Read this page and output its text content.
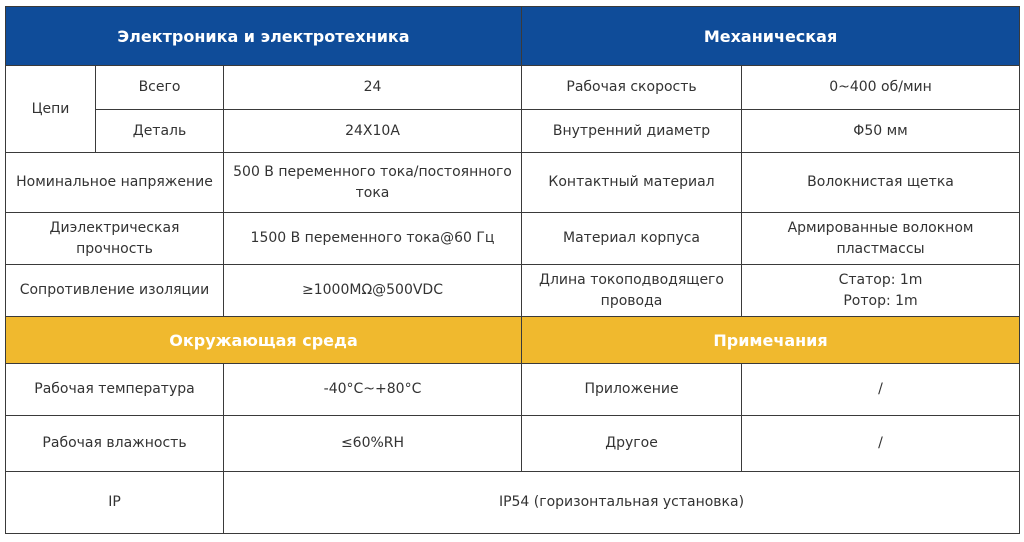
Электроника и электротехника			Механическая	
Цепи	Всего	24	Рабочая скорость	0~400 об/мин
	Деталь	24X10A	Внутренний диаметр	Φ50 мм
Номинальное напряжение		500 В переменного тока/постоянного тока	Контактный материал	Волокнистая щетка
Диэлектрическая прочность		1500 В переменного тока@60 Гц	Материал корпуса	Армированные волокном пластмассы
Сопротивление изоляции		≥1000MΩ@500VDC	Длина токоподводящего провода	Статор: 1m
Ротор: 1m

Окружающая среда			Примечания	
Рабочая температура		-40°C~+80°C	Приложение	/
Рабочая влажность		≤60%RH	Другое	/
IP		IP54 (горизонтальная установка)		
